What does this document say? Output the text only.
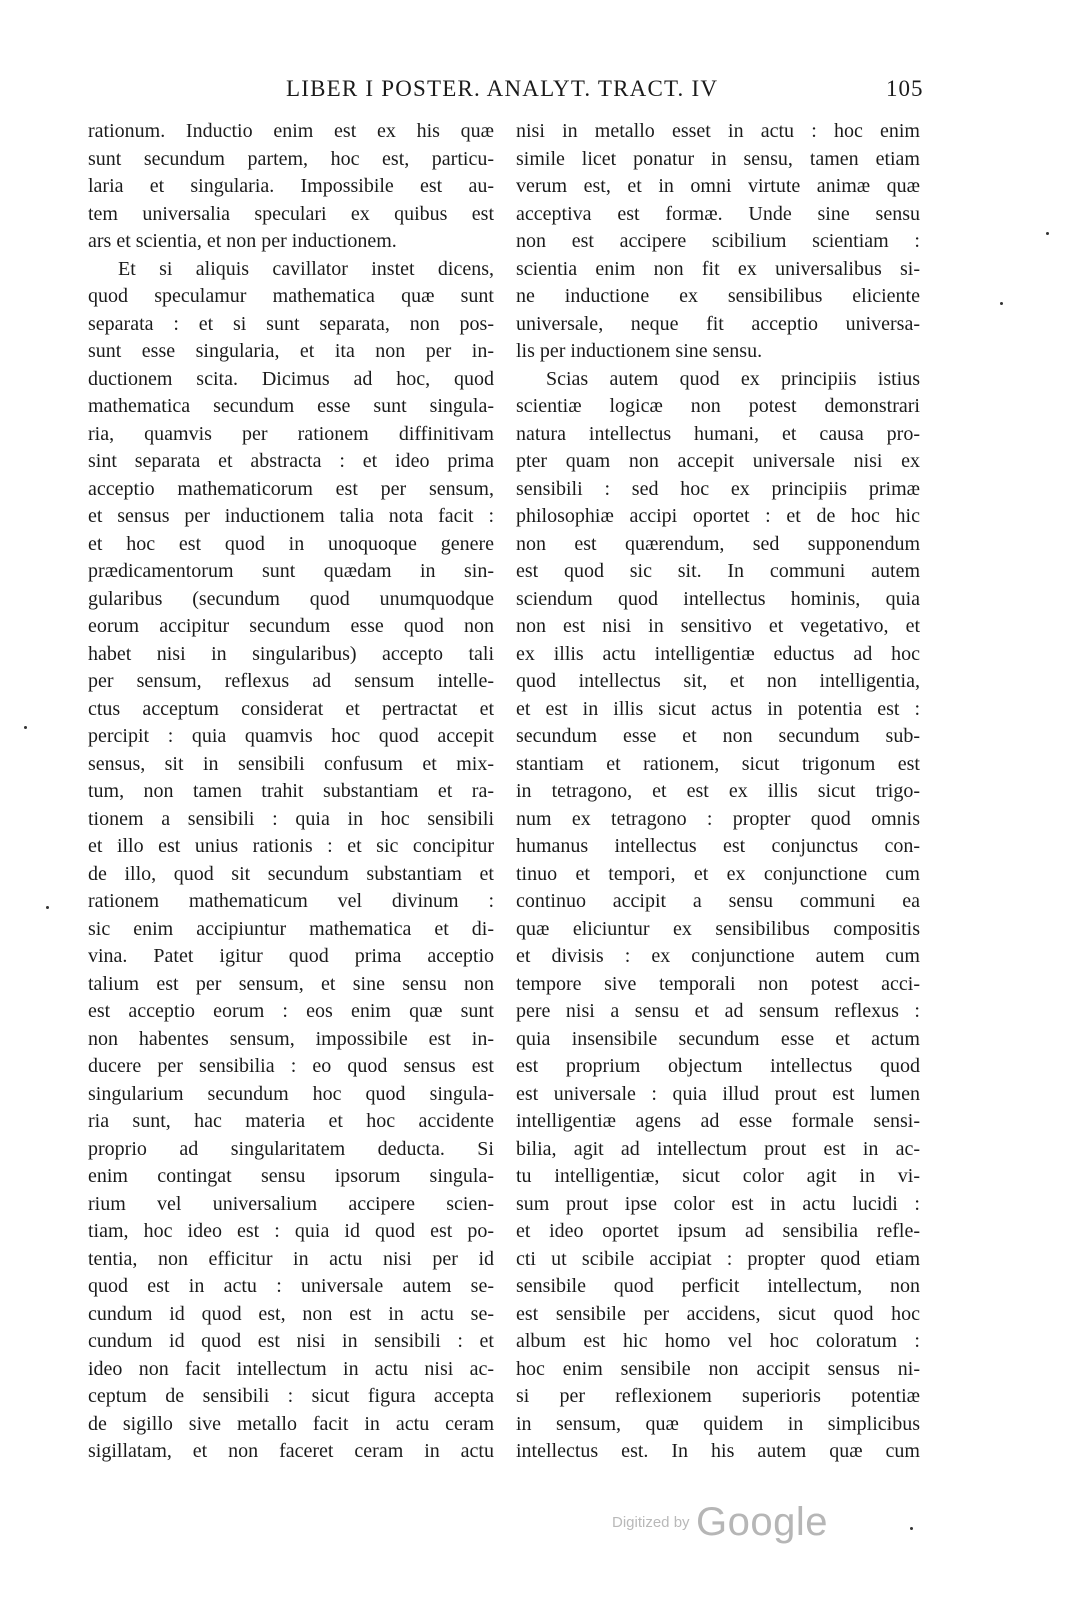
LIBER I POSTER. ANALYT. TRACT. IV	105
rationum. Inductio enim est ex his quæ
sunt secundum partem, hoc est, particu-
laria et singularia. Impossibile est au-
tem universalia speculari ex quibus est
ars et scientia, et non per inductionem.
Et si aliquis cavillator instet dicens,
quod speculamur mathematica quæ sunt
separata : et si sunt separata, non pos-
sunt esse singularia, et ita non per in-
ductionem scita. Dicimus ad hoc, quod
mathematica secundum esse sunt singula-
ria, quamvis per rationem diffinitivam
sint separata et abstracta : et ideo prima
acceptio mathematicorum est per sensum,
et sensus per inductionem talia nota facit :
et hoc est quod in unoquoque genere
prædicamentorum sunt quædam in sin-
gularibus (secundum quod unumquodque
eorum accipitur secundum esse quod non
habet nisi in singularibus) accepto tali
per sensum, reflexus ad sensum intelle-
ctus acceptum considerat et pertractat et
percipit : quia quamvis hoc quod accepit
sensus, sit in sensibili confusum et mix-
tum, non tamen trahit substantiam et ra-
tionem a sensibili : quia in hoc sensibili
et illo est unius rationis : et sic concipitur
de illo, quod sit secundum substantiam et
rationem mathematicum vel divinum :
sic enim accipiuntur mathematica et di-
vina. Patet igitur quod prima acceptio
talium est per sensum, et sine sensu non
est acceptio eorum : eos enim quæ sunt
non habentes sensum, impossibile est in-
ducere per sensibilia : eo quod sensus est
singularium secundum hoc quod singula-
ria sunt, hac materia et hoc accidente
proprio ad singularitatem deducta. Si
enim contingat sensu ipsorum singula-
rium vel universalium accipere scien-
tiam, hoc ideo est : quia id quod est po-
tentia, non efficitur in actu nisi per id
quod est in actu : universale autem se-
cundum id quod est, non est in actu se-
cundum id quod est nisi in sensibili : et
ideo non facit intellectum in actu nisi ac-
ceptum de sensibili : sicut figura accepta
de sigillo sive metallo facit in actu ceram
sigillatam, et non faceret ceram in actu
nisi in metallo esset in actu : hoc enim
simile licet ponatur in sensu, tamen etiam
verum est, et in omni virtute animæ quæ
acceptiva est formæ. Unde sine sensu
non est accipere scibilium scientiam :
scientia enim non fit ex universalibus si-
ne inductione ex sensibilibus eliciente
universale, neque fit acceptio universa-
lis per inductionem sine sensu.
Scias autem quod ex principiis istius
scientiæ logicæ non potest demonstrari
natura intellectus humani, et causa pro-
pter quam non accepit universale nisi ex
sensibili : sed hoc ex principiis primæ
philosophiæ accipi oportet : et de hoc hic
non est quærendum, sed supponendum
est quod sic sit. In communi autem
sciendum quod intellectus hominis, quia
non est nisi in sensitivo et vegetativo, et
ex illis actu intelligentiæ eductus ad hoc
quod intellectus sit, et non intelligentia,
et est in illis sicut actus in potentia est :
secundum esse et non secundum sub-
stantiam et rationem, sicut trigonum est
in tetragono, et est ex illis sicut trigo-
num ex tetragono : propter quod omnis
humanus intellectus est conjunctus con-
tinuo et tempori, et ex conjunctione cum
continuo accipit a sensu communi ea
quæ eliciuntur ex sensibilibus compositis
et divisis : ex conjunctione autem cum
tempore sive temporali non potest acci-
pere nisi a sensu et ad sensum reflexus :
quia insensibile secundum esse et actum
est proprium objectum intellectus quod
est universale : quia illud prout est lumen
intelligentiæ agens ad esse formale sensi-
bilia, agit ad intellectum prout est in ac-
tu intelligentiæ, sicut color agit in vi-
sum prout ipse color est in actu lucidi :
et ideo oportet ipsum ad sensibilia refle-
cti ut scibile accipiat : propter quod etiam
sensibile quod perficit intellectum, non
est sensibile per accidens, sicut quod hoc
album est hic homo vel hoc coloratum :
hoc enim sensibile non accipit sensus ni-
si per reflexionem superioris potentiæ
in sensum, quæ quidem in simplicibus
intellectus est. In his autem quæ cum
Digitized by Google
